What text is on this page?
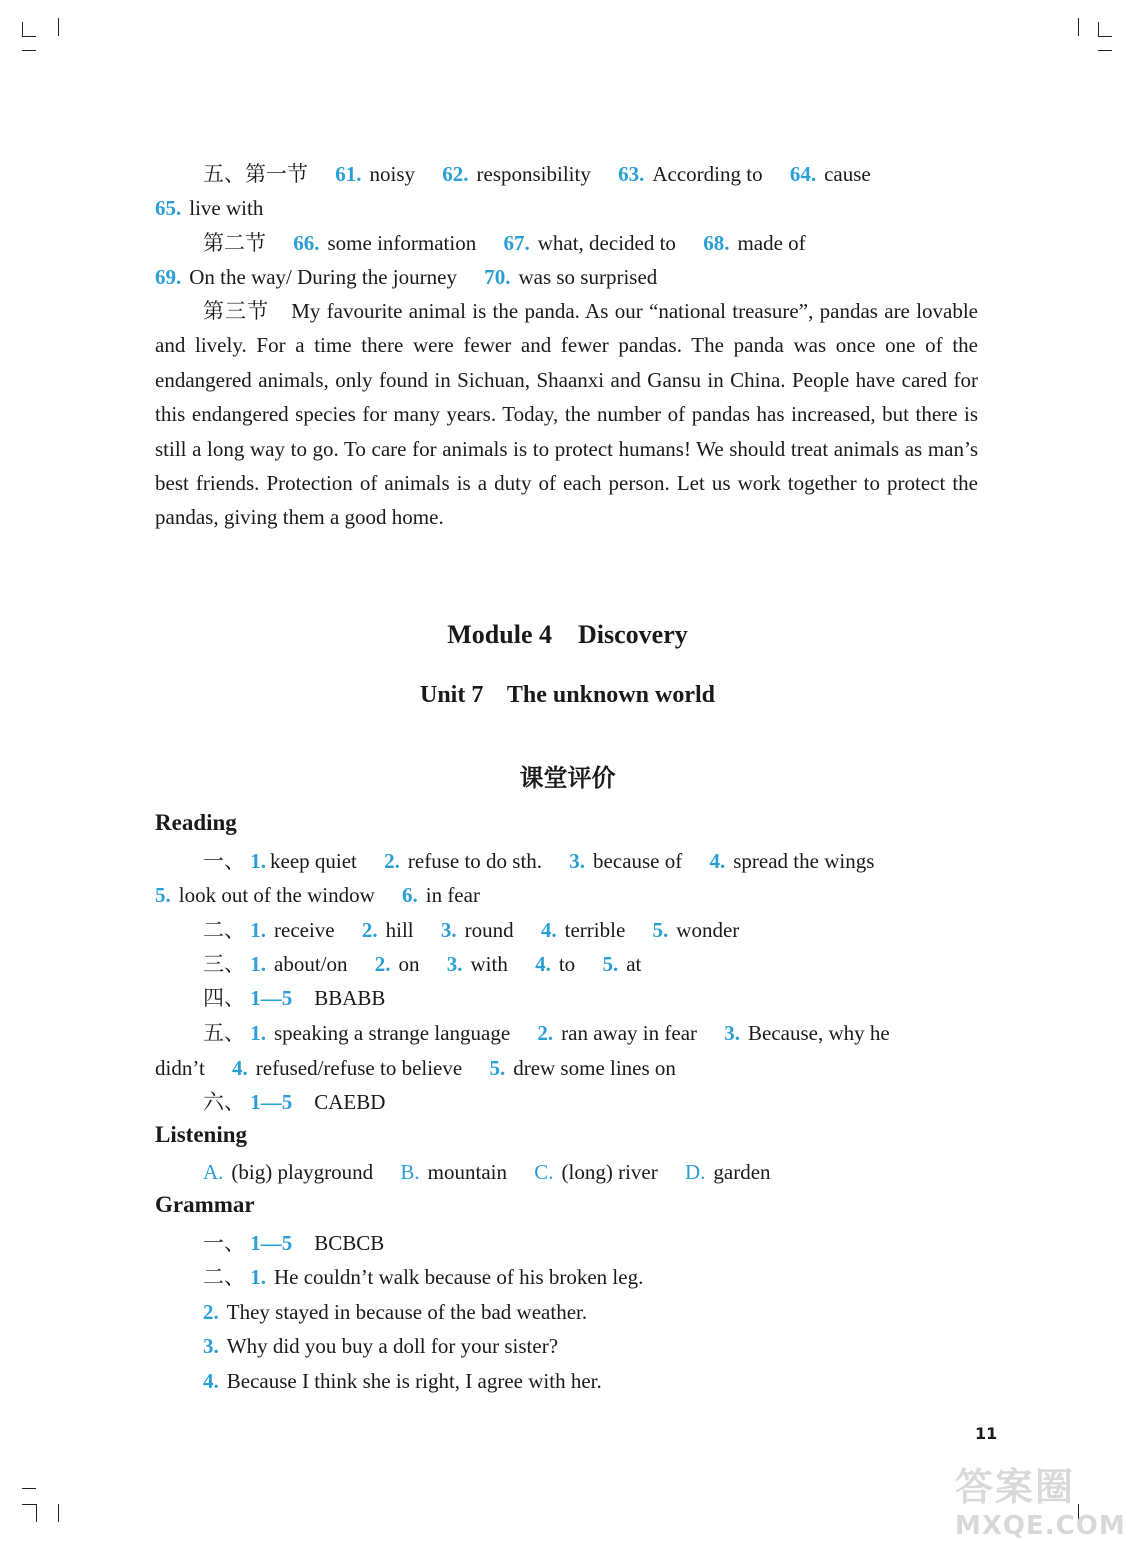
五、第一节 61. noisy 62. responsibility 63. According to 64. cause
65. live with
第二节 66. some information 67. what, decided to 68. made of
69. On the way/ During the journey 70. was so surprised
第三节 My favourite animal is the panda. As our “national treasure”, pandas are lovable and lively. For a time there were fewer and fewer pandas. The panda was once one of the endangered animals, only found in Sichuan, Shaanxi and Gansu in China. People have cared for this endangered species for many years. Today, the number of pandas has increased, but there is still a long way to go. To care for animals is to protect humans! We should treat animals as man’s best friends. Protection of animals is a duty of each person. Let us work together to protect the pandas, giving them a good home.
Module 4    Discovery
Unit 7    The unknown world
课堂评价
Reading
一、 1. keep quiet 2. refuse to do sth. 3. because of 4. spread the wings
5. look out of the window 6. in fear
二、 1. receive 2. hill 3. round 4. terrible 5. wonder
三、 1. about/on 2. on 3. with 4. to 5. at
四、 1—5 BBABB
五、 1. speaking a strange language 2. ran away in fear 3. Because, why he
didn’t 4. refused/refuse to believe 5. drew some lines on
六、 1—5 CAEBD
Listening
A. (big) playground B. mountain C. (long) river D. garden
Grammar
一、 1—5 BCBCB
二、 1. He couldn’t walk because of his broken leg.
2. They stayed in because of the bad weather.
3. Why did you buy a doll for your sister?
4. Because I think she is right, I agree with her.
11
答案圈
MXQE.COM
